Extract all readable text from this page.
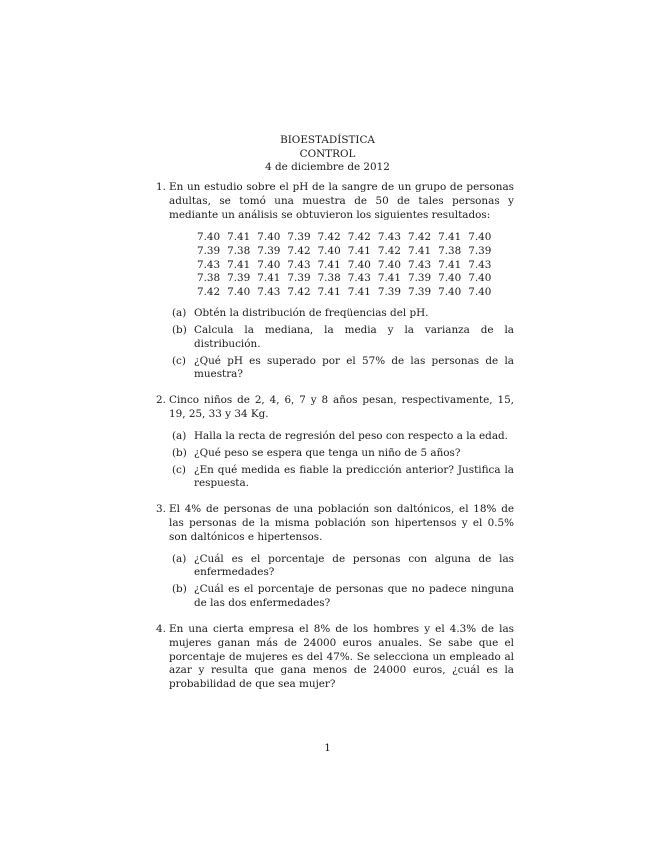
BIOESTADÍSTICA
CONTROL
4 de diciembre de 2012
1. En un estudio sobre el pH de la sangre de un grupo de personas adultas, se tomó una muestra de 50 de tales personas y mediante un análisis se obtuvieron los siguientes resultados:

7.40	7.41	7.40	7.39	7.42	7.42	7.43	7.42	7.41	7.40
7.39	7.38	7.39	7.42	7.40	7.41	7.42	7.41	7.38	7.39
7.43	7.41	7.40	7.43	7.41	7.40	7.40	7.43	7.41	7.43
7.38	7.39	7.41	7.39	7.38	7.43	7.41	7.39	7.40	7.40
7.42	7.40	7.43	7.42	7.41	7.41	7.39	7.39	7.40	7.40
(a) Obtén la distribución de freqüencias del pH.
(b) Calcula la mediana, la media y la varianza de la distribución.
(c) ¿Qué pH es superado por el 57% de las personas de la muestra?
2. Cinco niños de 2, 4, 6, 7 y 8 años pesan, respectivamente, 15, 19, 25, 33 y 34 Kg.

(a) Halla la recta de regresión del peso con respecto a la edad.
(b) ¿Qué peso se espera que tenga un niño de 5 años?
(c) ¿En qué medida es fiable la predicción anterior? Justifica la respuesta.
3. El 4% de personas de una población son daltónicos, el 18% de las personas de la misma población son hipertensos y el 0.5% son daltónicos e hipertensos.

(a) ¿Cuál es el porcentaje de personas con alguna de las enfermedades?
(b) ¿Cuál es el porcentaje de personas que no padece ninguna de las dos enfermedades?
4. En una cierta empresa el 8% de los hombres y el 4.3% de las mujeres ganan más de 24000 euros anuales. Se sabe que el porcentaje de mujeres es del 47%. Se selecciona un empleado al azar y resulta que gana menos de 24000 euros, ¿cuál es la probabilidad de que sea mujer?

1
